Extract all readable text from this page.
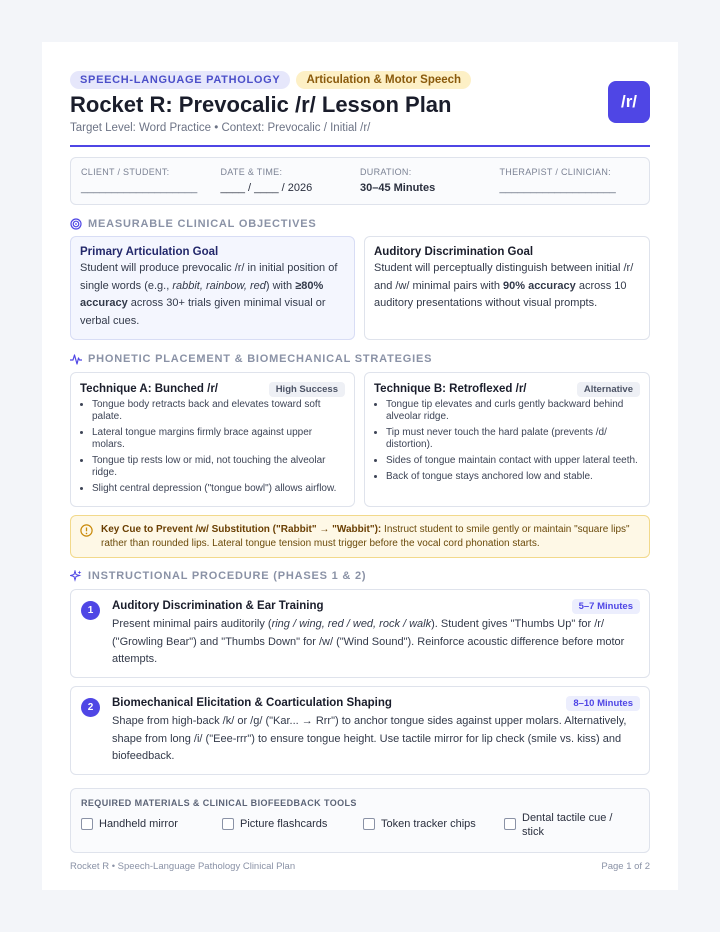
SPEECH-LANGUAGE PATHOLOGY	Articulation & Motor Speech
Rocket R: Prevocalic /r/ Lesson Plan
Target Level: Word Practice • Context: Prevocalic / Initial /r/
/r/
CLIENT / STUDENT:
___________________
DATE & TIME:
____ / ____ / 2026
DURATION:
30–45 Minutes
THERAPIST / CLINICIAN:
___________________
MEASURABLE CLINICAL OBJECTIVES
Primary Articulation Goal

Student will produce prevocalic /r/ in initial position of single words (e.g., rabbit, rainbow, red) with ≥80% accuracy across 30+ trials given minimal visual or verbal cues.

Auditory Discrimination Goal

Student will perceptually distinguish between initial /r/ and /w/ minimal pairs with 90% accuracy across 10 auditory presentations without visual prompts.

PHONETIC PLACEMENT & BIOMECHANICAL STRATEGIES
Technique A: Bunched /r/	High Success
• Tongue body retracts back and elevates toward soft palate.
• Lateral tongue margins firmly brace against upper molars.
• Tongue tip rests low or mid, not touching the alveolar ridge.
• Slight central depression ("tongue bowl") allows airflow.
Technique B: Retroflexed /r/	Alternative
• Tongue tip elevates and curls gently backward behind alveolar ridge.
• Tip must never touch the hard palate (prevents /d/ distortion).
• Sides of tongue maintain contact with upper lateral teeth.
• Back of tongue stays anchored low and stable.
Key Cue to Prevent /w/ Substitution ("Rabbit" → "Wabbit"): Instruct student to smile gently or maintain "square lips" rather than rounded lips. Lateral tongue tension must trigger before the vocal cord phonation starts.
INSTRUCTIONAL PROCEDURE (PHASES 1 & 2)
1	Auditory Discrimination & Ear Training	5–7 Minutes
Present minimal pairs auditorily (ring / wing, red / wed, rock / walk). Student gives "Thumbs Up" for /r/ ("Growling Bear") and "Thumbs Down" for /w/ ("Wind Sound"). Reinforce acoustic difference before motor attempts.
2	Biomechanical Elicitation & Coarticulation Shaping	8–10 Minutes
Shape from high-back /k/ or /g/ ("Kar... → Rrr") to anchor tongue sides against upper molars. Alternatively, shape from long /i/ ("Eee-rrr") to ensure tongue height. Use tactile mirror for lip check (smile vs. kiss) and biofeedback.
REQUIRED MATERIALS & CLINICAL BIOFEEDBACK TOOLS
Handheld mirror	Picture flashcards	Token tracker chips	Dental tactile cue / stick
Rocket R • Speech-Language Pathology Clinical Plan	Page 1 of 2
